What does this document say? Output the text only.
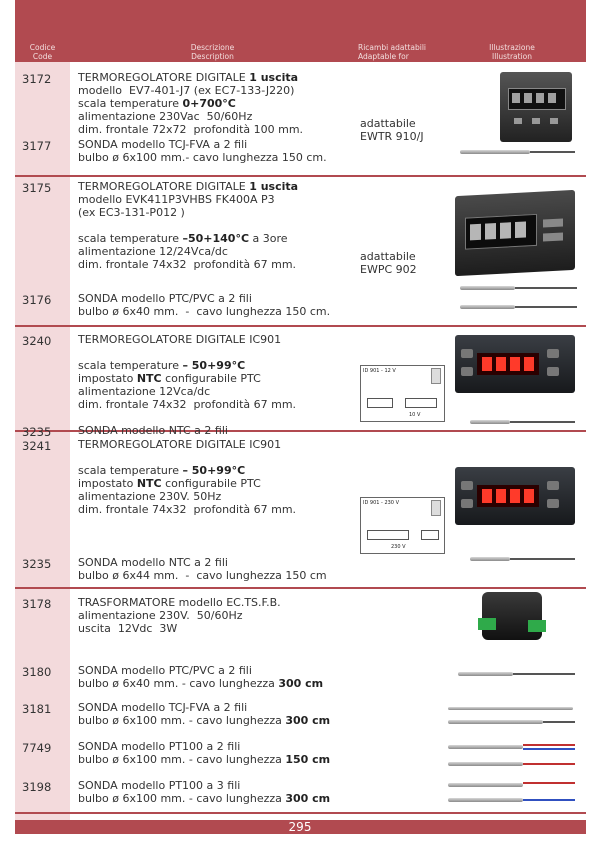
Codice
Code
Descrizione
Description
Ricambi adattabili
Adaptable for
Illustrazione
Illustration
3172
3177
TERMOREGOLATORE DIGITALE 1 uscita
modello  EV7-401-J7 (ex EC7-133-J220)
scala temperature 0+700°C
alimentazione 230Vac  50/60Hz
dim. frontale 72x72  profondità 100 mm.
SONDA modello TCJ-FVA a 2 fili
bulbo ø 6x100 mm.- cavo lunghezza 150 cm.
adattabile
EWTR 910/J
3175
3176
TERMOREGOLATORE DIGITALE 1 uscita
modello EVK411P3VHBS FK400A P3
(ex EC3-131-P012 )
scala temperature –50+140°C a 3ore
alimentazione 12/24Vca/dc
dim. frontale 74x32  profondità 67 mm.
SONDA modello PTC/PVC a 2 fili
bulbo ø 6x40 mm.  -  cavo lunghezza 150 cm.
adattabile
EWPC 902
3240
3235
TERMOREGOLATORE DIGITALE IC901
scala temperature – 50+99°C
impostato NTC configurabile PTC
alimentazione 12Vca/dc
dim. frontale 74x32  profondità 67 mm.
SONDA modello NTC a 2 fili
ID 901 - 12 V
10 V
3241
3235
TERMOREGOLATORE DIGITALE IC901
scala temperature – 50+99°C
impostato NTC configurabile PTC
alimentazione 230V. 50Hz
dim. frontale 74x32  profondità 67 mm.
SONDA modello NTC a 2 fili
bulbo ø 6x44 mm.  -  cavo lunghezza 150 cm
ID 901 - 230 V
230 V
3178 TRASFORMATORE modello EC.TS.F.B.
alimentazione 230V.  50/60Hz
uscita  12Vdc  3W
3180 SONDA modello PTC/PVC a 2 fili
bulbo ø 6x40 mm. - cavo lunghezza 300 cm
3181 SONDA modello TCJ-FVA a 2 fili
bulbo ø 6x100 mm. - cavo lunghezza 300 cm
7749 SONDA modello PT100 a 2 fili
bulbo ø 6x100 mm. - cavo lunghezza 150 cm
3198 SONDA modello PT100 a 3 fili
bulbo ø 6x100 mm. - cavo lunghezza 300 cm
295
